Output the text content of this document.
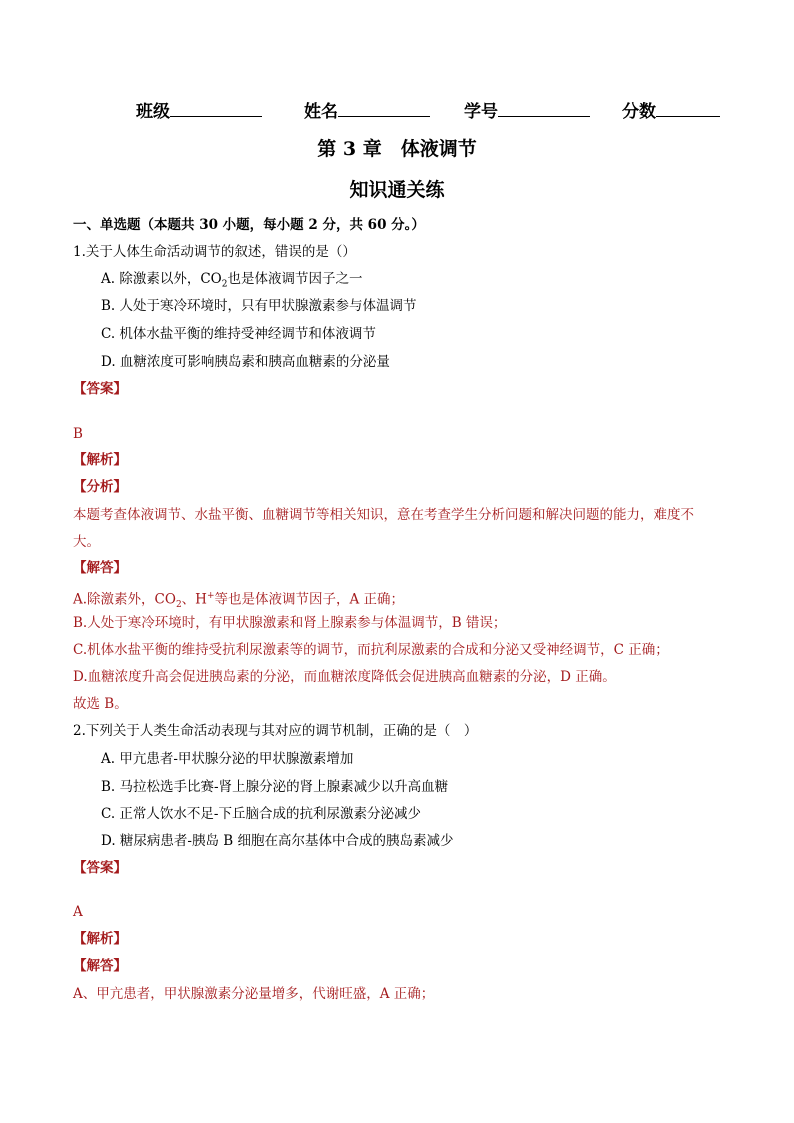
班级	姓名	学号	分数
第 3 章　体液调节
知识通关练
一、单选题（本题共 30 小题，每小题 2 分，共 60 分。）
1.关于人体生命活动调节的叙述，错误的是（）
A. 除激素以外，$CO_2$也是体液调节因子之一
B. 人处于寒冷环境时，只有甲状腺激素参与体温调节
C. 机体水盐平衡的维持受神经调节和体液调节
D. 血糖浓度可影响胰岛素和胰高血糖素的分泌量
【答案】
B
【解析】
【分析】
本题考查体液调节、水盐平衡、血糖调节等相关知识，意在考查学生分析问题和解决问题的能力，难度不
大。
【解答】
A.除激素外，$CO_2$、H+等也是体液调节因子，A 正确；
B.人处于寒冷环境时，有甲状腺激素和肾上腺素参与体温调节，B 错误；
C.机体水盐平衡的维持受抗利尿激素等的调节，而抗利尿激素的合成和分泌又受神经调节，C 正确；
D.血糖浓度升高会促进胰岛素的分泌，而血糖浓度降低会促进胰高血糖素的分泌，D 正确。
故选 B。
2.下列关于人类生命活动表现与其对应的调节机制，正确的是（　）
A. 甲亢患者-甲状腺分泌的甲状腺激素增加
B. 马拉松选手比赛-肾上腺分泌的肾上腺素减少以升高血糖
C. 正常人饮水不足-下丘脑合成的抗利尿激素分泌减少
D. 糖尿病患者-胰岛 B 细胞在高尔基体中合成的胰岛素减少
【答案】
A
【解析】
【解答】
A、甲亢患者，甲状腺激素分泌量增多，代谢旺盛，A 正确；
